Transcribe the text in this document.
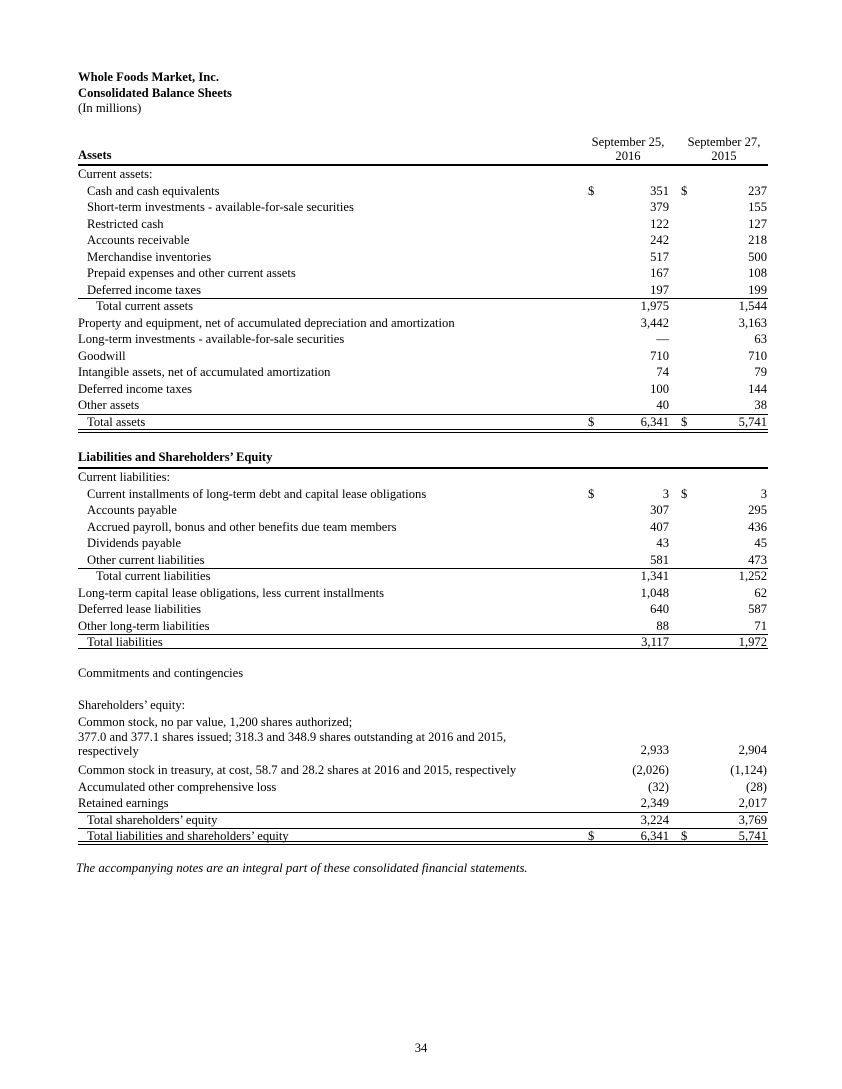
Whole Foods Market, Inc.
Consolidated Balance Sheets
(In millions)
September 25,
2016
September 27,
2015
Assets
Current assets:
Cash and cash equivalents	$	351 $	237
Short-term investments - available-for-sale securities	379	155
Restricted cash	122	127
Accounts receivable	242	218
Merchandise inventories	517	500
Prepaid expenses and other current assets	167	108
Deferred income taxes	197	199
Total current assets	1,975	1,544
Property and equipment, net of accumulated depreciation and amortization	3,442	3,163
Long-term investments - available-for-sale securities	—	63
Goodwill	710	710
Intangible assets, net of accumulated amortization	74	79
Deferred income taxes	100	144
Other assets	40	38
Total assets	$	6,341 $	5,741
Liabilities and Shareholders’ Equity
Current liabilities:
Current installments of long-term debt and capital lease obligations	$	3 $	3
Accounts payable	307	295
Accrued payroll, bonus and other benefits due team members	407	436
Dividends payable	43	45
Other current liabilities	581	473
Total current liabilities	1,341	1,252
Long-term capital lease obligations, less current installments	1,048	62
Deferred lease liabilities	640	587
Other long-term liabilities	88	71
Total liabilities	3,117	1,972
Commitments and contingencies
Shareholders’ equity:
Common stock, no par value, 1,200 shares authorized;
377.0 and 377.1 shares issued; 318.3 and 348.9 shares outstanding at 2016 and 2015,
respectively	2,933	2,904
Common stock in treasury, at cost, 58.7 and 28.2 shares at 2016 and 2015, respectively	(2,026)	(1,124)
Accumulated other comprehensive loss	(32)	(28)
Retained earnings	2,349	2,017
Total shareholders’ equity	3,224	3,769
Total liabilities and shareholders’ equity	$	6,341 $	5,741
The accompanying notes are an integral part of these consolidated financial statements.
34
